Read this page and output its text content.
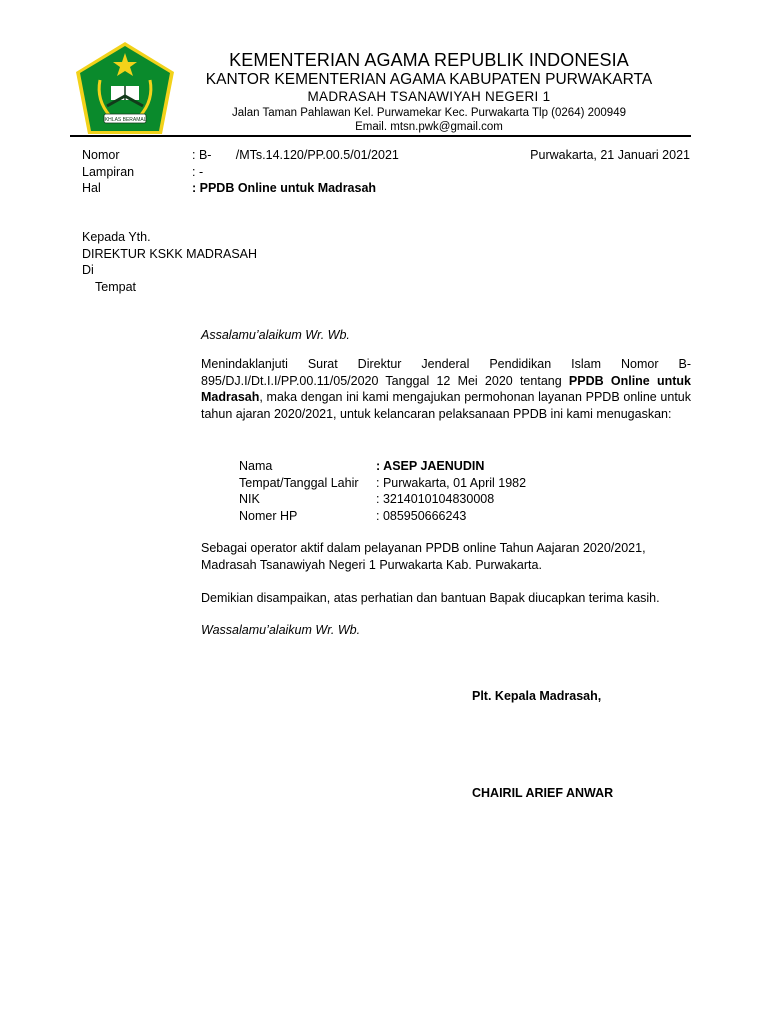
IKHLAS BERAMAL
KEMENTERIAN AGAMA REPUBLIK INDONESIA
KANTOR KEMENTERIAN AGAMA KABUPATEN PURWAKARTA
MADRASAH TSANAWIYAH NEGERI 1
Jalan Taman Pahlawan Kel. Purwamekar Kec. Purwakarta Tlp (0264) 200949
Email. mtsn.pwk@gmail.com
Nomor	: B-       /MTs.14.120/PP.00.5/01/2021	Purwakarta, 21 Januari 2021
Lampiran	: -
Hal	: PPDB Online untuk Madrasah
Kepada Yth.
DIREKTUR KSKK MADRASAH
Di
Tempat
Assalamu’alaikum Wr. Wb.
Menindaklanjuti Surat Direktur Jenderal Pendidikan Islam Nomor B-895/DJ.I/Dt.I.I/PP.00.11/05/2020 Tanggal 12 Mei 2020 tentang PPDB Online untuk Madrasah, maka dengan ini kami mengajukan permohonan layanan PPDB online untuk tahun ajaran 2020/2021, untuk kelancaran pelaksanaan PPDB ini kami menugaskan:
Nama	: ASEP JAENUDIN
Tempat/Tanggal Lahir : Purwakarta, 01 April 1982
NIK	: 3214010104830008
Nomer HP	: 085950666243
Sebagai operator aktif dalam pelayanan PPDB online Tahun Aajaran 2020/2021,
Madrasah Tsanawiyah Negeri 1 Purwakarta Kab. Purwakarta.
Demikian disampaikan, atas perhatian dan bantuan Bapak diucapkan terima kasih.
Wassalamu’alaikum Wr. Wb.
Plt. Kepala Madrasah,
CHAIRIL ARIEF ANWAR
